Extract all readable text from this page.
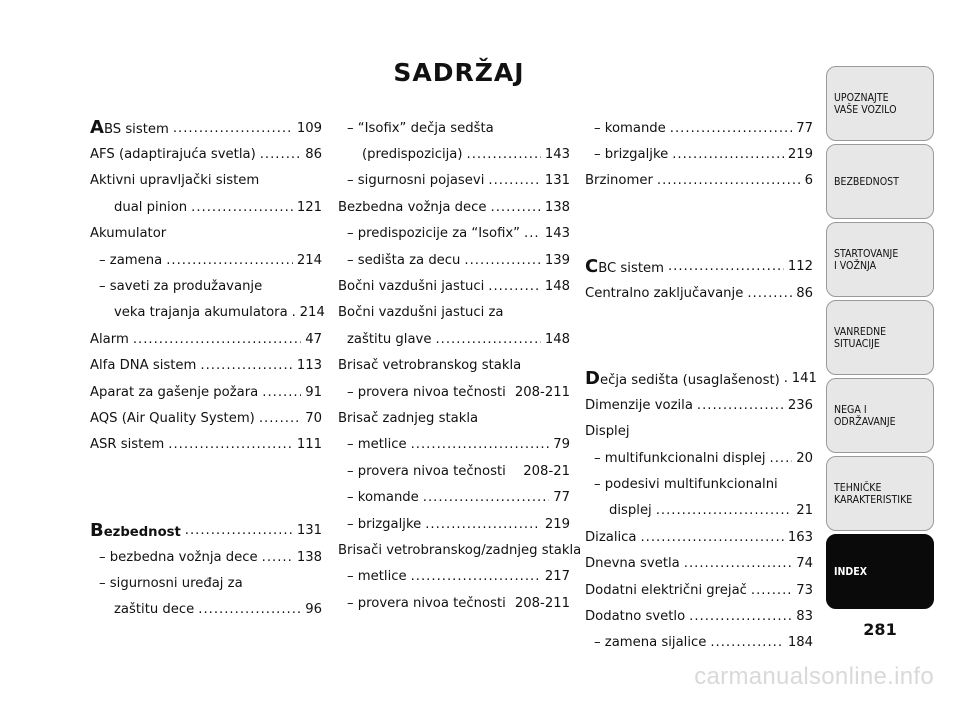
SADRŽAJ
ABS sistem .....	109
AFS (adaptirajuća svetla) .....	86
Aktivni upravljački sistem
dual pinion .....	121
Akumulator
– zamena .....	214
– saveti za produžavanje
veka trajanja akumulatora ..... 214
Alarm .....	47
Alfa DNA sistem .....	113
Aparat za gašenje požara .....	91
AQS (Air Quality System) .....	70
ASR sistem .....	111
Bezbednost .....	131
– bezbedna vožnja dece .....	138
– sigurnosni uređaj za
zaštitu dece .....	96
– “Isofix” dečja sedšta
(predispozicija) .....	143
– sigurnosni pojasevi .....	131
Bezbedna vožnja dece .....	138
– predispozicije za “Isofix” ..... 143
– sedišta za decu .....	139
Bočni vazdušni jastuci .....	148
Bočni vazdušni jastuci za
zaštitu glave .....	148
Brisač vetrobranskog stakla
– provera nivoa tečnosti 208-211
Brisač zadnjeg stakla
– metlice .....	79
– provera nivoa tečnosti 208-21
– komande .....	77
– brizgaljke .....	219
Brisači vetrobranskog/zadnjeg stakla
– metlice .....	217
– provera nivoa tečnosti 208-211
– komande .....	77
– brizgaljke .....	219
Brzinomer .....	6
CBC sistem .....	112
Centralno zaključavanje .....	86
Dečja sedišta (usaglašenost) ..... 141
Dimenzije vozila .....	236
Displej
– multifunkcionalni displej ..... 20
– podesivi multifunkcionalni
displej .....	21
Dizalica .....	163
Dnevna svetla .....	74
Dodatni električni grejač .....	73
Dodatno svetlo .....	83
– zamena sijalice .....	184
UPOZNAJTE
VAŠE VOZILO
BEZBEDNOST
STARTOVANJE
I VOŽNJA
VANREDNE
SITUACIJE
NEGA I
ODRŽAVANJE
TEHNIČKE
KARAKTERISTIKE
INDEX
281
carmanualsonline.info
